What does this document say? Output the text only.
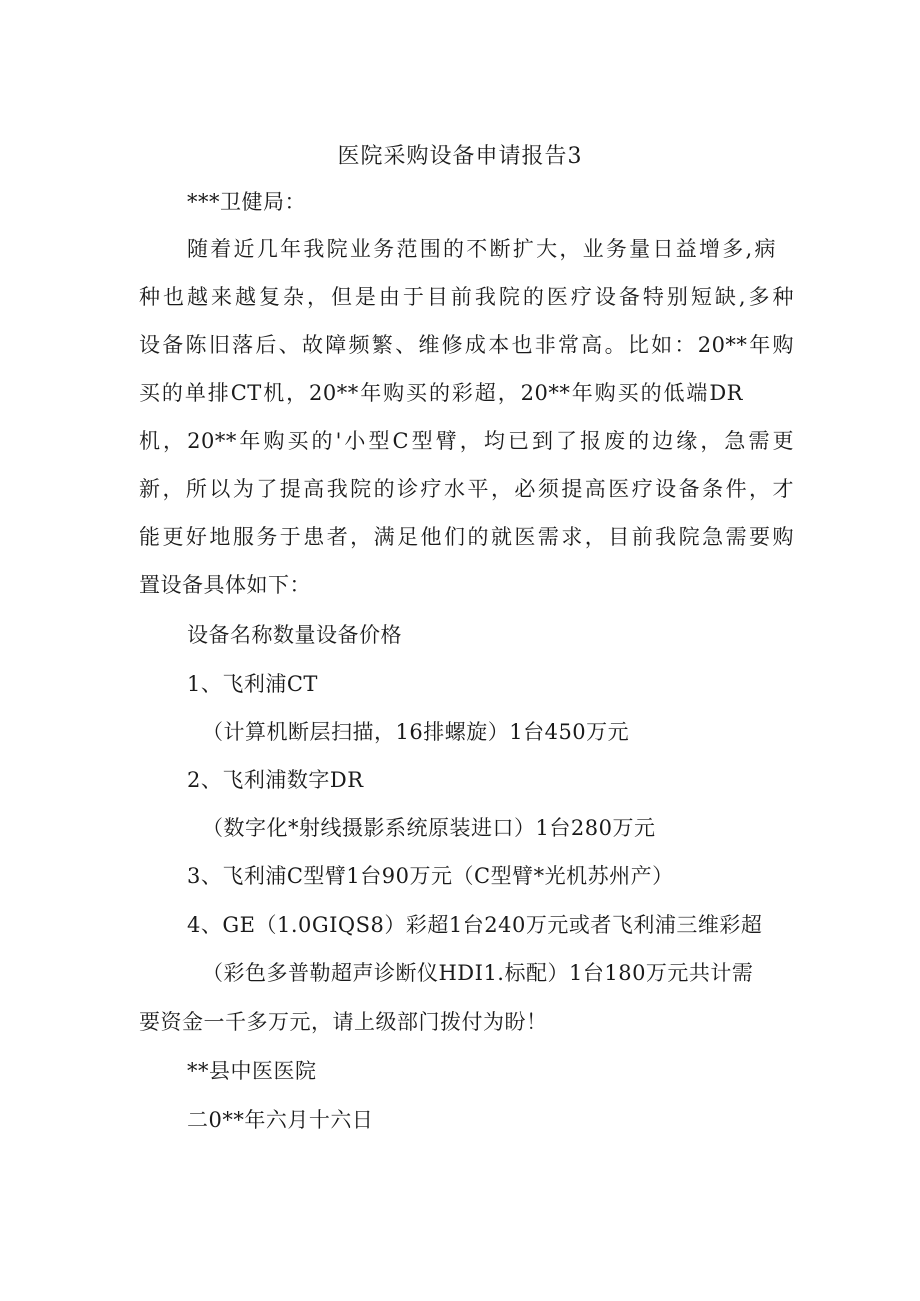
医院采购设备申请报告3
***卫健局：
随着近几年我院业务范围的不断扩大，业务量日益增多,病
种也越来越复杂，但是由于目前我院的医疗设备特别短缺,多种
设备陈旧落后、故障频繁、维修成本也非常高。比如：20**年购
买的单排CT机，20**年购买的彩超，20**年购买的低端DR
机，20**年购买的'小型C型臂，均已到了报废的边缘，急需更
新，所以为了提高我院的诊疗水平，必须提高医疗设备条件，才
能更好地服务于患者，满足他们的就医需求，目前我院急需要购
置设备具体如下：
设备名称数量设备价格
1、飞利浦CT
（计算机断层扫描，16排螺旋）1台450万元
2、飞利浦数字DR
（数字化*射线摄影系统原装进口）1台280万元
3、飞利浦C型臂1台90万元（C型臂*光机苏州产）
4、GE（1.0GIQS8）彩超1台240万元或者飞利浦三维彩超
（彩色多普勒超声诊断仪HDI1.标配）1台180万元共计需
要资金一千多万元，请上级部门拨付为盼！
**县中医医院
二0**年六月十六日
